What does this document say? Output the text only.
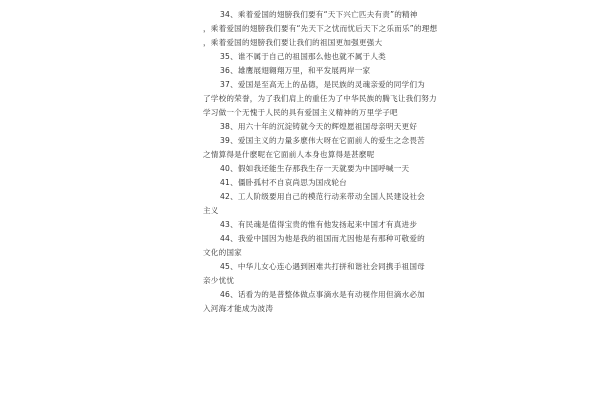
34、乘着爱国的翅膀我们要有“天下兴亡匹夫有责”的精神
，乘着爱国的翅膀我们要有“先天下之忧而忧后天下之乐而乐”的理想
，乘着爱国的翅膀我们要让我们的祖国更加强更强大
35、谁不属于自己的祖国那么他也就不属于人类
36、雄鹰展翅翱翔万里，和平发展两岸一家
37、爱国是至高无上的品德，是民族的灵魂亲爱的同学们为
了学校的荣誉，为了我们肩上的重任为了中华民族的腾飞让我们努力
学习做一个无愧于人民的具有爱国主义精神的万里学子吧
38、用六十年的沉淀铸就今天的辉煌愿祖国母亲明天更好
39、爱国主义的力量多麽伟大呀在它面前人的爱生之念畏苦
之情算得是什麽呢在它面前人本身也算得是甚麽呢
40、假如我还能生存那我生存一天就要为中国呼喊一天
41、僵卧孤村不自哀尚思为国戍轮台
42、工人阶级要用自己的模范行动来带动全国人民建设社会
主义
43、有民魂是值得宝贵的惟有他发扬起来中国才有真进步
44、我爱中国因为他是我的祖国而尤因他是有那种可敬爱的
文化的国家
45、中华儿女心连心遇到困难共打拼和谐社会同携手祖国母
亲少忧忧
46、话看为的是普整体做点事滴水是有动视作用但滴水必加
入河海才能成为波涛
